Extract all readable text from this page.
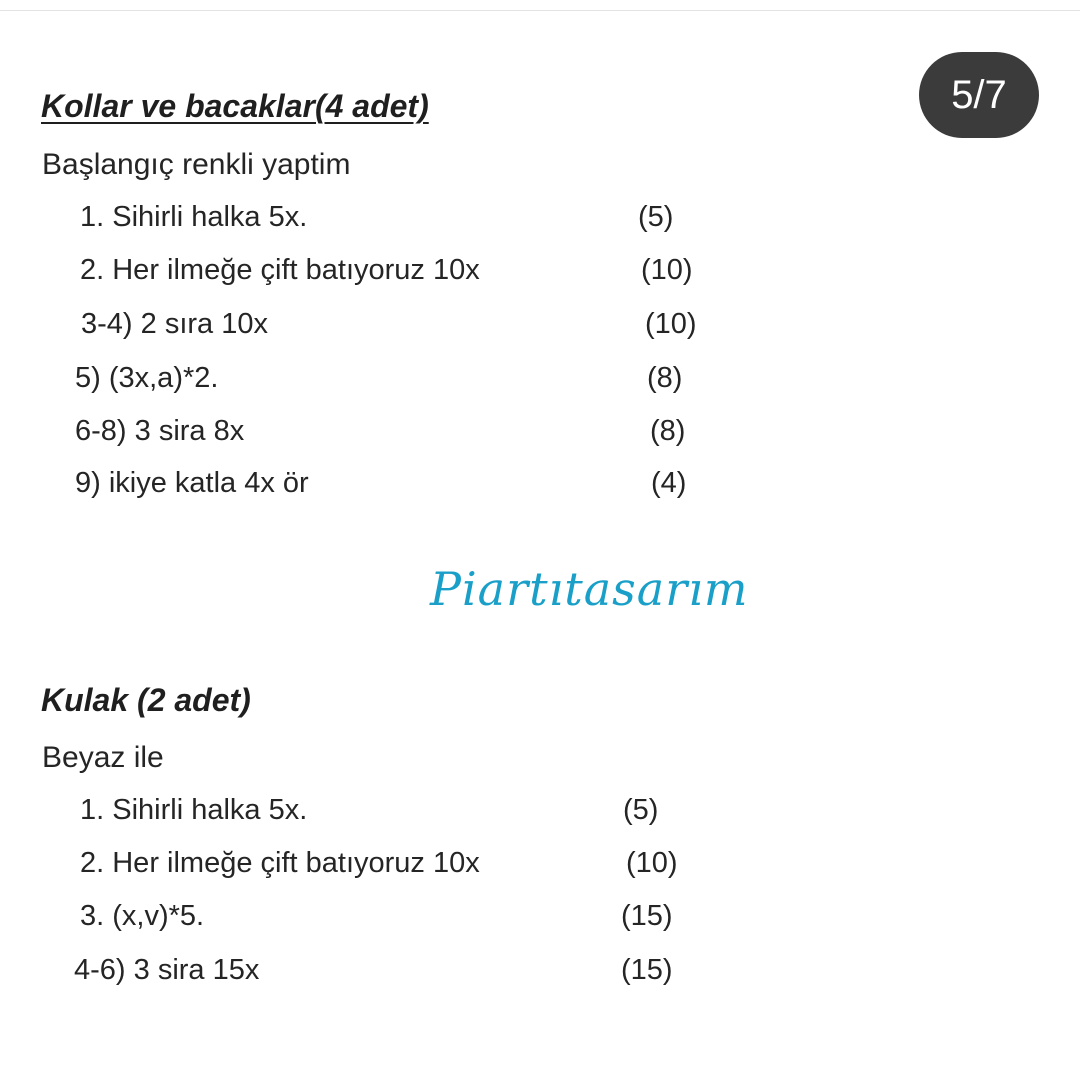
5/7
Kollar ve bacaklar(4 adet)
Başlangıç renkli yaptim
1. Sihirli halka 5x.	(5)
2. Her ilmeğe çift batıyoruz 10x	(10)
3-4) 2 sıra 10x	(10)
5) (3x,a)*2.	(8)
6-8) 3 sira 8x	(8)
9) ikiye katla 4x ör	(4)
Piartıtasarım
Kulak (2 adet)
Beyaz ile
1. Sihirli halka 5x.	(5)
2. Her ilmeğe çift batıyoruz 10x	(10)
3. (x,v)*5.	(15)
4-6) 3 sira 15x	(15)
